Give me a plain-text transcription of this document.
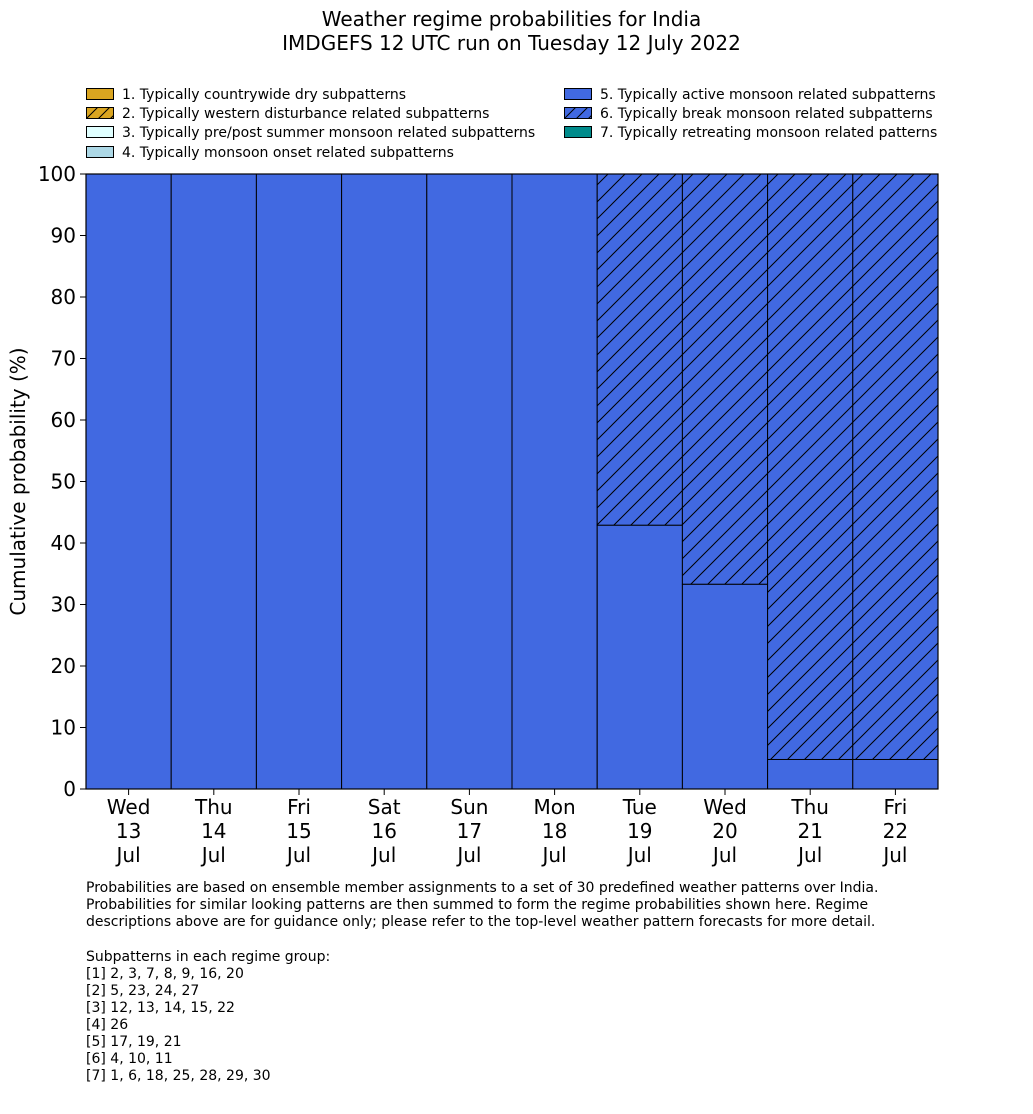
Weather regime probabilities for India
IMDGEFS 12 UTC run on Tuesday 12 July 2022
1. Typically countrywide dry subpatterns
2. Typically western disturbance related subpatterns
3. Typically pre/post summer monsoon related subpatterns
4. Typically monsoon onset related subpatterns
5. Typically active monsoon related subpatterns
6. Typically break monsoon related subpatterns
7. Typically retreating monsoon related patterns
0
10
20
30
40
50
60
70
80
90
100
Wed
13
Jul
Thu
14
Jul
Fri
15
Jul
Sat
16
Jul
Sun
17
Jul
Mon
18
Jul
Tue
19
Jul
Wed
20
Jul
Thu
21
Jul
Fri
22
Jul
Cumulative probability (%)
Probabilities are based on ensemble member assignments to a set of 30 predefined weather patterns over India.
Probabilities for similar looking patterns are then summed to form the regime probabilities shown here. Regime
descriptions above are for guidance only; please refer to the top-level weather pattern forecasts for more detail.
Subpatterns in each regime group:
[1] 2, 3, 7, 8, 9, 16, 20
[2] 5, 23, 24, 27
[3] 12, 13, 14, 15, 22
[4] 26
[5] 17, 19, 21
[6] 4, 10, 11
[7] 1, 6, 18, 25, 28, 29, 30
